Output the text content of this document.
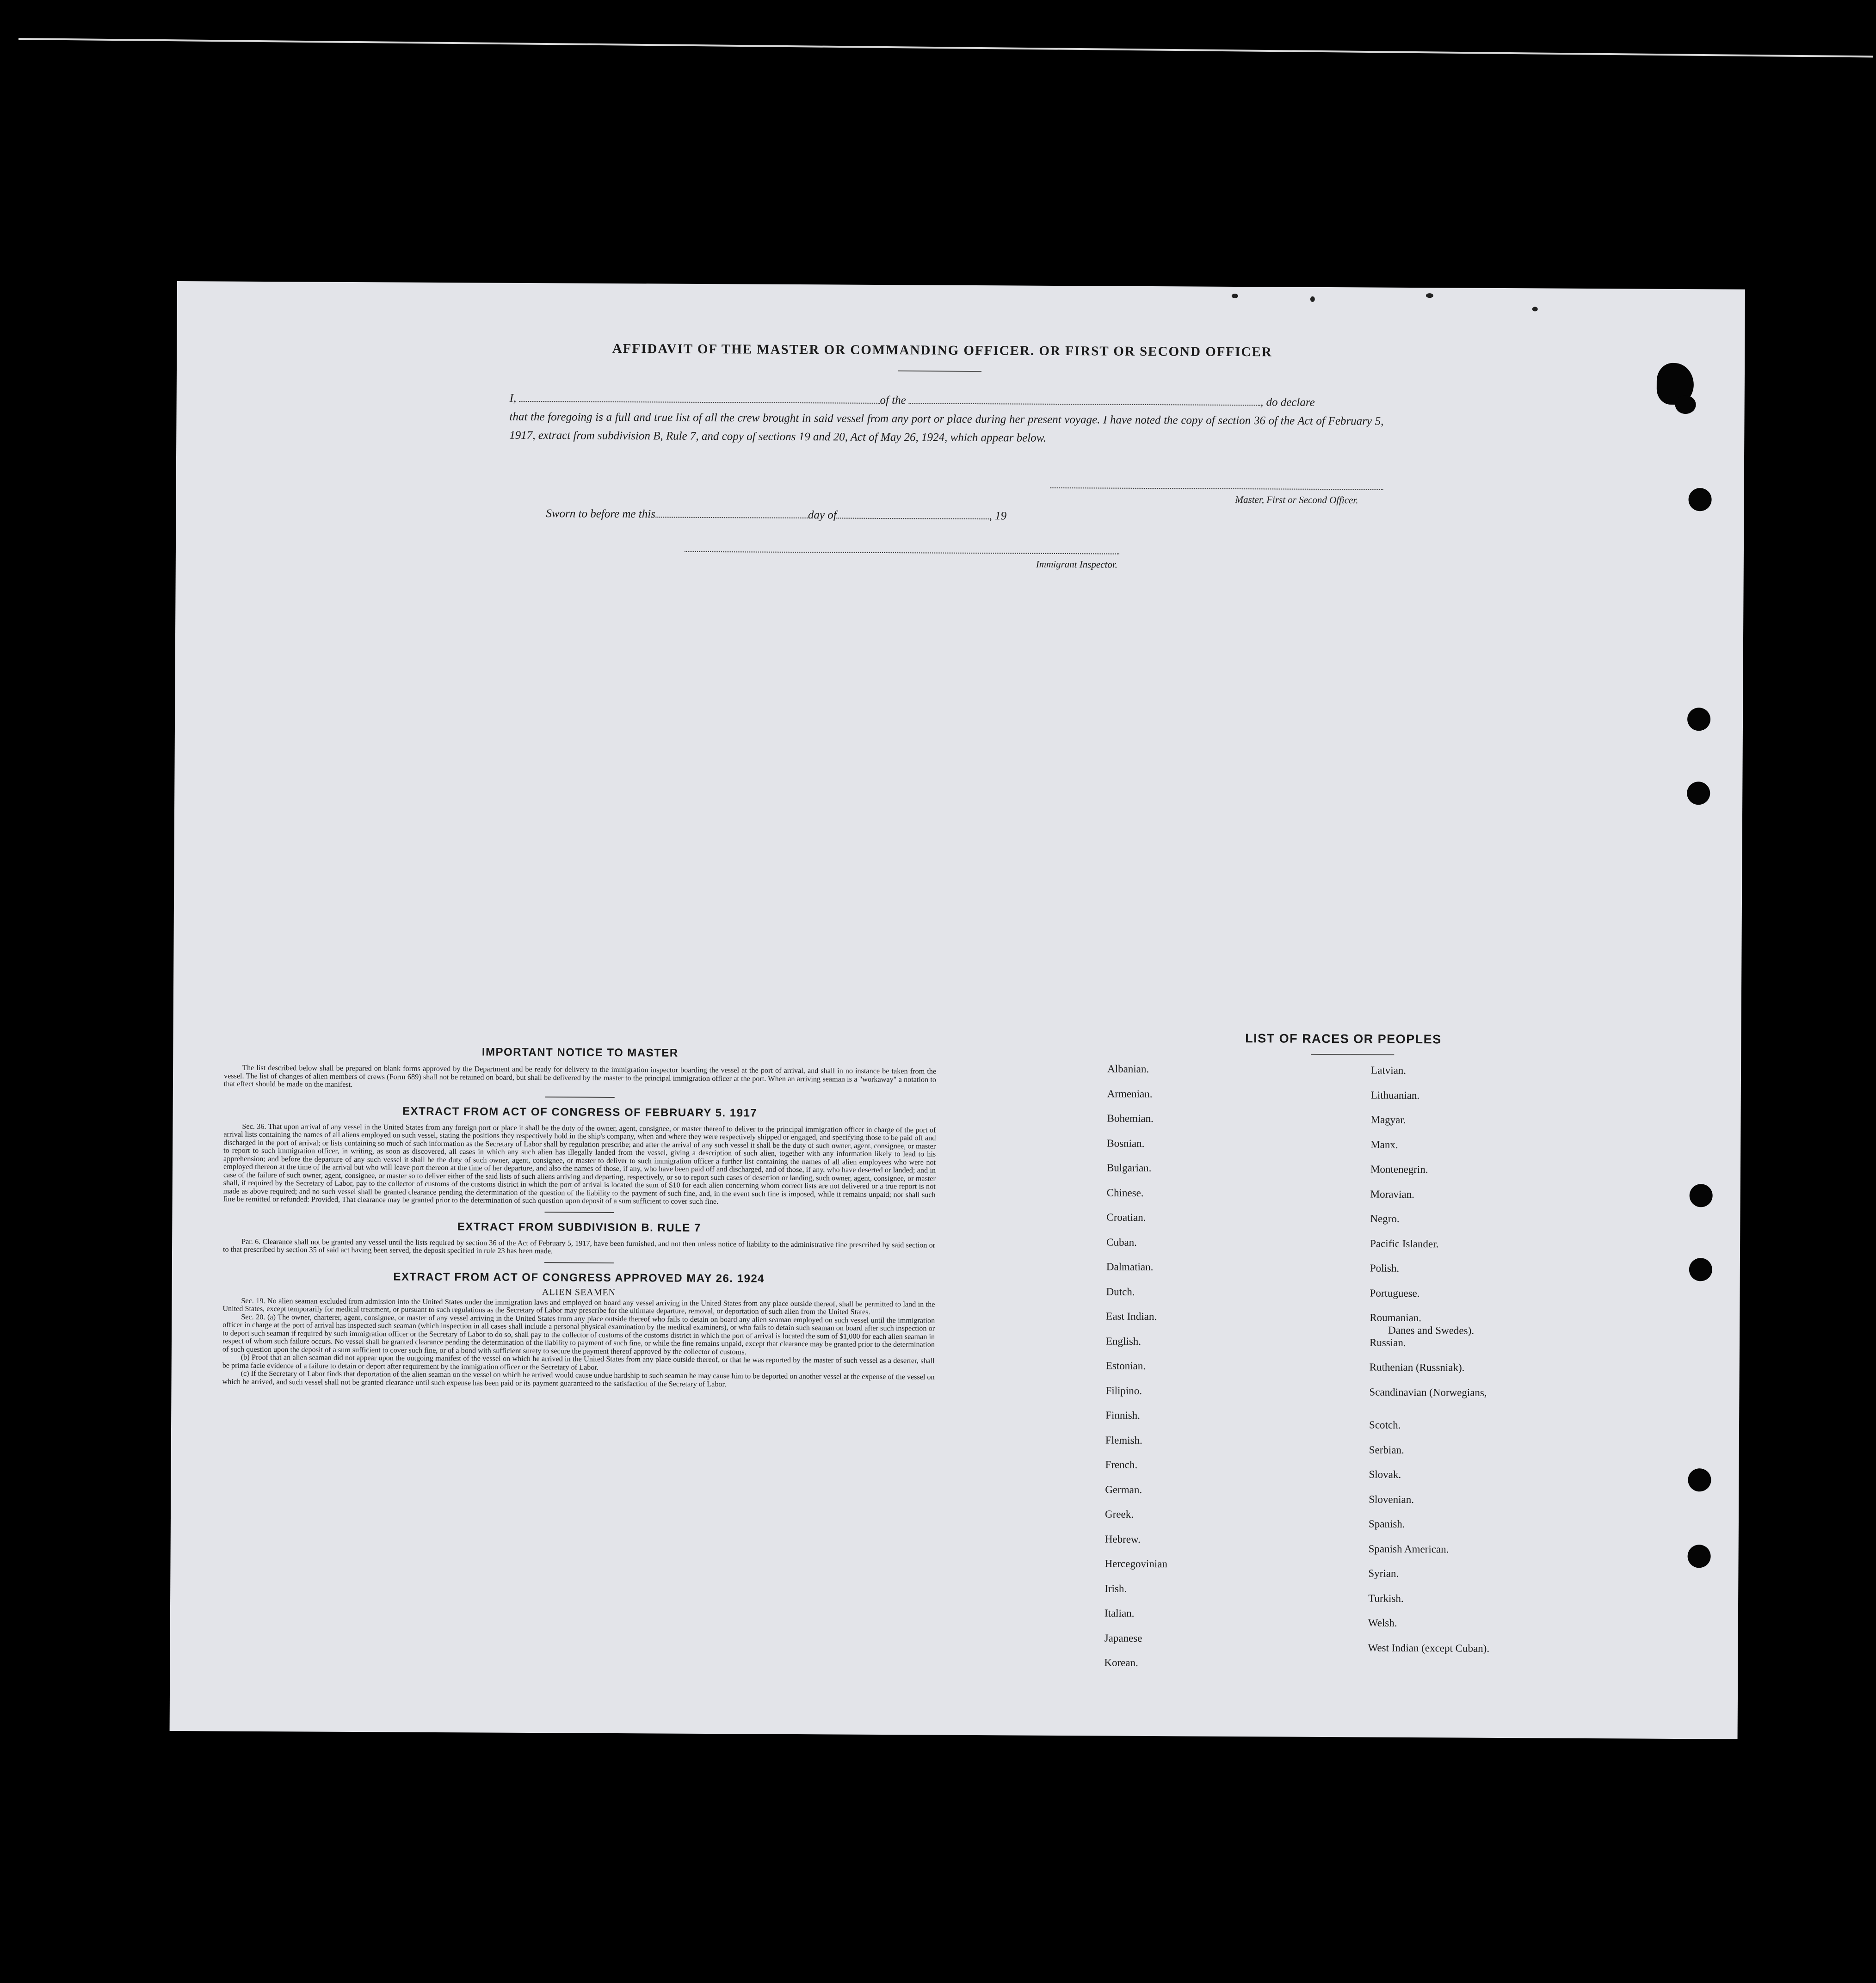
AFFIDAVIT OF THE MASTER OR COMMANDING OFFICER. OR FIRST OR SECOND OFFICER
I,	of the	, do declare
that the foregoing is a full and true list of all the crew brought in said vessel from any port or place during her present voyage. I have noted the copy of section 36 of the Act of February 5, 1917, extract from subdivision B, Rule 7, and copy of sections 19 and 20, Act of May 26, 1924, which appear below.
Master, First or Second Officer.
Sworn to before me this	day of	, 19
Immigrant Inspector.

IMPORTANT NOTICE TO MASTER

The list described below shall be prepared on blank forms approved by the Department and be ready for delivery to the immigration inspector boarding the vessel at the port of arrival, and shall in no instance be taken from the vessel. The list of changes of alien members of crews (Form 689) shall not be retained on board, but shall be delivered by the master to the principal immigration officer at the port. When an arriving seaman is a "workaway" a notation to that effect should be made on the manifest.

EXTRACT FROM ACT OF CONGRESS OF FEBRUARY 5. 1917

Sec. 36. That upon arrival of any vessel in the United States from any foreign port or place it shall be the duty of the owner, agent, consignee, or master thereof to deliver to the principal immigration officer in charge of the port of arrival lists containing the names of all aliens employed on such vessel, stating the positions they respectively hold in the ship's company, when and where they were respectively shipped or engaged, and specifying those to be paid off and discharged in the port of arrival; or lists containing so much of such information as the Secretary of Labor shall by regulation prescribe; and after the arrival of any such vessel it shall be the duty of such owner, agent, consignee, or master to report to such immigration officer, in writing, as soon as discovered, all cases in which any such alien has illegally landed from the vessel, giving a description of such alien, together with any information likely to lead to his apprehension; and before the departure of any such vessel it shall be the duty of such owner, agent, consignee, or master to deliver to such immigration officer a further list containing the names of all alien employees who were not employed thereon at the time of the arrival but who will leave port thereon at the time of her departure, and also the names of those, if any, who have been paid off and discharged, and of those, if any, who have deserted or landed; and in case of the failure of such owner, agent, consignee, or master so to deliver either of the said lists of such aliens arriving and departing, respectively, or so to report such cases of desertion or landing, such owner, agent, consignee, or master shall, if required by the Secretary of Labor, pay to the collector of customs of the customs district in which the port of arrival is located the sum of $10 for each alien concerning whom correct lists are not delivered or a true report is not made as above required; and no such vessel shall be granted clearance pending the determination of the question of the liability to the payment of such fine, and, in the event such fine is imposed, while it remains unpaid; nor shall such fine be remitted or refunded: Provided, That clearance may be granted prior to the determination of such question upon deposit of a sum sufficient to cover such fine.

EXTRACT FROM SUBDIVISION B. RULE 7

Par. 6. Clearance shall not be granted any vessel until the lists required by section 36 of the Act of February 5, 1917, have been furnished, and not then unless notice of liability to the administrative fine prescribed by said section or to that prescribed by section 35 of said act having been served, the deposit specified in rule 23 has been made.

EXTRACT FROM ACT OF CONGRESS APPROVED MAY 26. 1924

ALIEN SEAMEN

Sec. 19. No alien seaman excluded from admission into the United States under the immigration laws and employed on board any vessel arriving in the United States from any place outside thereof, shall be permitted to land in the United States, except temporarily for medical treatment, or pursuant to such regulations as the Secretary of Labor may prescribe for the ultimate departure, removal, or deportation of such alien from the United States.

Sec. 20. (a) The owner, charterer, agent, consignee, or master of any vessel arriving in the United States from any place outside thereof who fails to detain on board any alien seaman employed on such vessel until the immigration officer in charge at the port of arrival has inspected such seaman (which inspection in all cases shall include a personal physical examination by the medical examiners), or who fails to detain such seaman on board after such inspection or to deport such seaman if required by such immigration officer or the Secretary of Labor to do so, shall pay to the collector of customs of the customs district in which the port of arrival is located the sum of $1,000 for each alien seaman in respect of whom such failure occurs. No vessel shall be granted clearance pending the determination of the liability to payment of such fine, or while the fine remains unpaid, except that clearance may be granted prior to the determination of such question upon the deposit of a sum sufficient to cover such fine, or of a bond with sufficient surety to secure the payment thereof approved by the collector of customs.

(b) Proof that an alien seaman did not appear upon the outgoing manifest of the vessel on which he arrived in the United States from any place outside thereof, or that he was reported by the master of such vessel as a deserter, shall be prima facie evidence of a failure to detain or deport after requirement by the immigration officer or the Secretary of Labor.

(c) If the Secretary of Labor finds that deportation of the alien seaman on the vessel on which he arrived would cause undue hardship to such seaman he may cause him to be deported on another vessel at the expense of the vessel on which he arrived, and such vessel shall not be granted clearance until such expense has been paid or its payment guaranteed to the satisfaction of the Secretary of Labor.

LIST OF RACES OR PEOPLES
Danes and Swedes).
Albanian.
Armenian.
Bohemian.
Bosnian.
Bulgarian.
Chinese.
Croatian.
Cuban.
Dalmatian.
Dutch.
East Indian.
English.
Estonian.
Filipino.
Finnish.
Flemish.
French.
German.
Greek.
Hebrew.
Hercegovinian
Irish.
Italian.
Japanese
Korean.
Latvian.
Lithuanian.
Magyar.
Manx.
Montenegrin.
Moravian.
Negro.
Pacific Islander.
Polish.
Portuguese.
Roumanian.
Russian.
Ruthenian (Russniak).
Scandinavian (Norwegians,
Scotch.
Serbian.
Slovak.
Slovenian.
Spanish.
Spanish American.
Syrian.
Turkish.
Welsh.
West Indian (except Cuban).
